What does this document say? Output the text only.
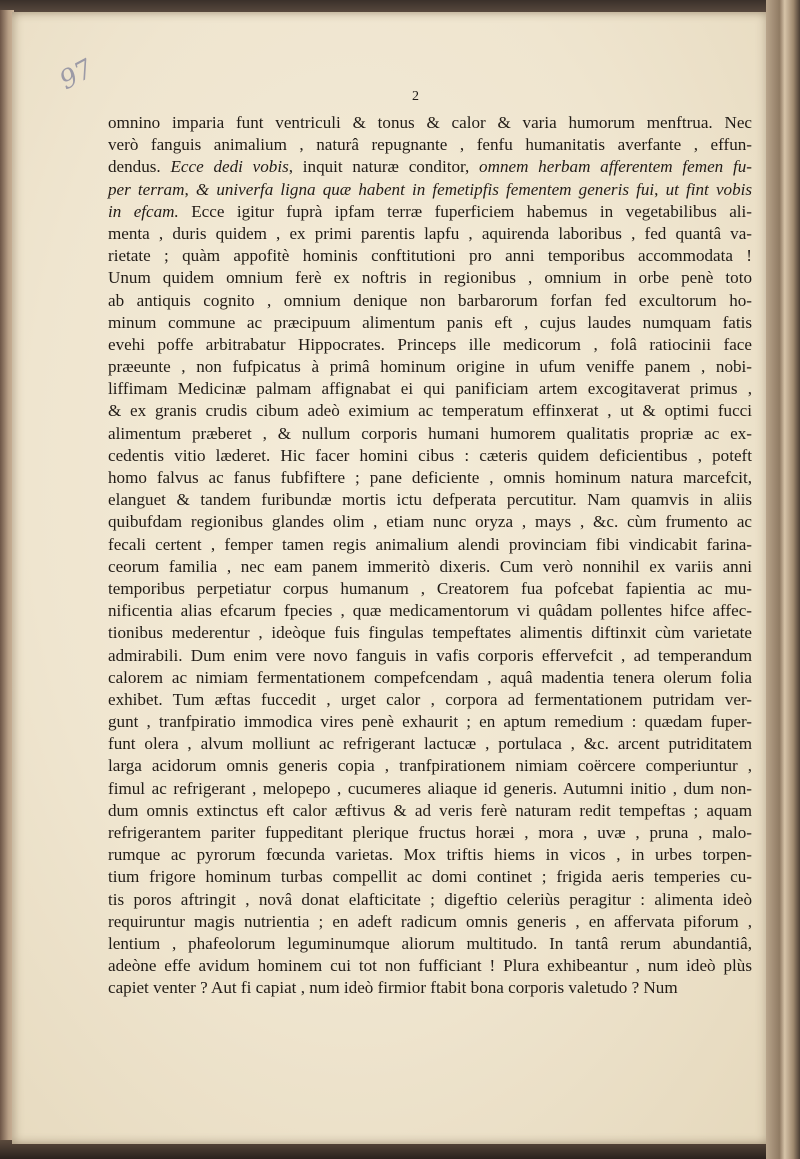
97
2
omnino imparia funt ventriculi & tonus & calor & varia humorum menftrua. Nec
verò fanguis animalium , naturâ repugnante , fenfu humanitatis averfante , effun-
dendus. Ecce dedi vobis, inquit naturæ conditor, omnem herbam afferentem femen fu-
per terram, & univerfa ligna quæ habent in femetipfis fementem generis fui, ut fint vobis
in efcam. Ecce igitur fuprà ipfam terræ fuperficiem habemus in vegetabilibus ali-
menta , duris quidem , ex primi parentis lapfu , aquirenda laboribus , fed quantâ va-
rietate ; quàm appofitè hominis conftitutioni pro anni temporibus accommodata !
Unum quidem omnium ferè ex noftris in regionibus , omnium in orbe penè toto
ab antiquis cognito , omnium denique non barbarorum forfan fed excultorum ho-
minum commune ac præcipuum alimentum panis eft , cujus laudes numquam fatis
evehi poffe arbitrabatur Hippocrates. Princeps ille medicorum , folâ ratiocinii face
præeunte , non fufpicatus à primâ hominum origine in ufum veniffe panem , nobi-
liffimam Medicinæ palmam affignabat ei qui panificiam artem excogitaverat primus ,
& ex granis crudis cibum adeò eximium ac temperatum effinxerat , ut & optimi fucci
alimentum præberet , & nullum corporis humani humorem qualitatis propriæ ac ex-
cedentis vitio læderet. Hic facer homini cibus : cæteris quidem deficientibus , poteft
homo falvus ac fanus fubfiftere ; pane deficiente , omnis hominum natura marcefcit,
elanguet & tandem furibundæ mortis ictu defperata percutitur. Nam quamvis in aliis
quibufdam regionibus glandes olim , etiam nunc oryza , mays , &c. cùm frumento ac
fecali certent , femper tamen regis animalium alendi provinciam fibi vindicabit farina-
ceorum familia , nec eam panem immeritò dixeris. Cum verò nonnihil ex variis anni
temporibus perpetiatur corpus humanum , Creatorem fua pofcebat fapientia ac mu-
nificentia alias efcarum fpecies , quæ medicamentorum vi quâdam pollentes hifce affec-
tionibus mederentur , ideòque fuis fingulas tempeftates alimentis diftinxit cùm varietate
admirabili. Dum enim vere novo fanguis in vafis corporis effervefcit , ad temperandum
calorem ac nimiam fermentationem compefcendam , aquâ madentia tenera olerum folia
exhibet. Tum æftas fuccedit , urget calor , corpora ad fermentationem putridam ver-
gunt , tranfpiratio immodica vires penè exhaurit ; en aptum remedium : quædam fuper-
funt olera , alvum molliunt ac refrigerant lactucæ , portulaca , &c. arcent putriditatem
larga acidorum omnis generis copia , tranfpirationem nimiam coërcere comperiuntur ,
fimul ac refrigerant , melopepo , cucumeres aliaque id generis. Autumni initio , dum non-
dum omnis extinctus eft calor æftivus & ad veris ferè naturam redit tempeftas ; aquam
refrigerantem pariter fuppeditant plerique fructus horæi , mora , uvæ , pruna , malo-
rumque ac pyrorum fœcunda varietas. Mox triftis hiems in vicos , in urbes torpen-
tium frigore hominum turbas compellit ac domi continet ; frigida aeris temperies cu-
tis poros aftringit , novâ donat elafticitate ; digeftio celeriùs peragitur : alimenta ideò
requiruntur magis nutrientia ; en adeft radicum omnis generis , en affervata piforum ,
lentium , phafeolorum leguminumque aliorum multitudo. In tantâ rerum abundantiâ,
adeòne effe avidum hominem cui tot non fufficiant ! Plura exhibeantur , num ideò plùs
capiet venter ? Aut fi capiat , num ideò firmior ftabit bona corporis valetudo ? Num
